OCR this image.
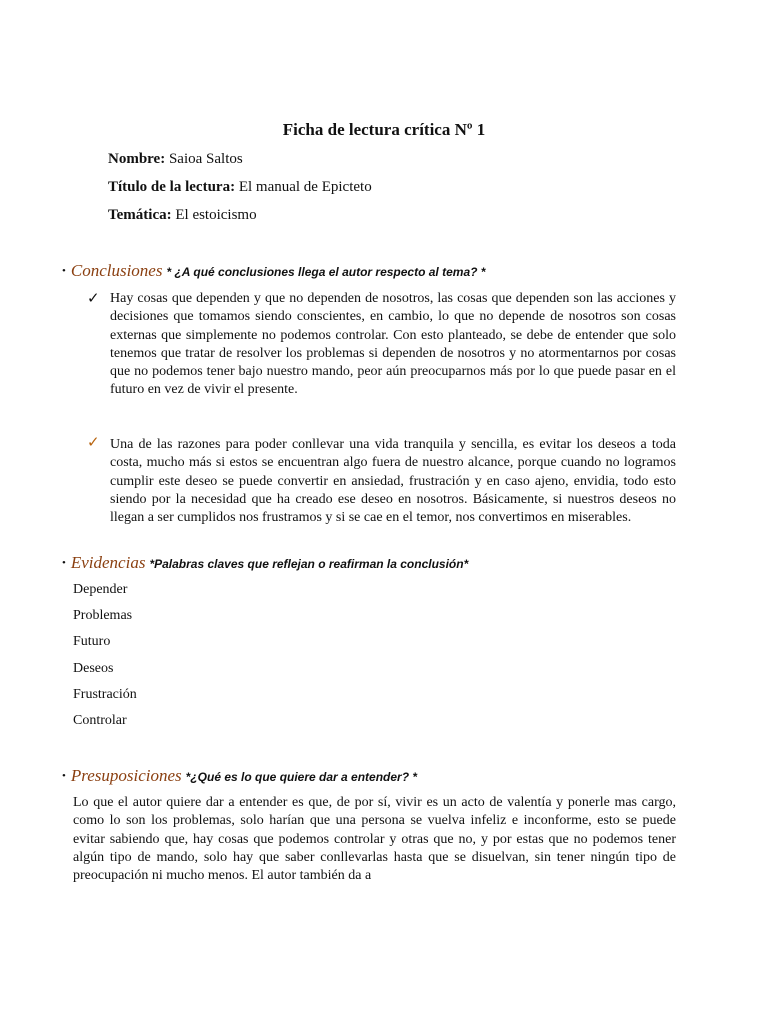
Ficha de lectura crítica Nº 1
Nombre: Saioa Saltos
Título de la lectura: El manual de Epicteto
Temática: El estoicismo
• Conclusiones * ¿A qué conclusiones llega el autor respecto al tema? *
✓ Hay cosas que dependen y que no dependen de nosotros, las cosas que dependen son las acciones y decisiones que tomamos siendo conscientes, en cambio, lo que no depende de nosotros son cosas externas que simplemente no podemos controlar. Con esto planteado, se debe de entender que solo tenemos que tratar de resolver los problemas si dependen de nosotros y no atormentarnos por cosas que no podemos tener bajo nuestro mando, peor aún preocuparnos más por lo que puede pasar en el futuro en vez de vivir el presente.

✓ Una de las razones para poder conllevar una vida tranquila y sencilla, es evitar los deseos a toda costa, mucho más si estos se encuentran algo fuera de nuestro alcance, porque cuando no logramos cumplir este deseo se puede convertir en ansiedad, frustración y en caso ajeno, envidia, todo esto siendo por la necesidad que ha creado ese deseo en nosotros. Básicamente, si nuestros deseos no llegan a ser cumplidos nos frustramos y si se cae en el temor, nos convertimos en miserables.

• Evidencias *Palabras claves que reflejan o reafirman la conclusión*
Depender
Problemas
Futuro
Deseos
Frustración
Controlar
• Presuposiciones *¿Qué es lo que quiere dar a entender? *

Lo que el autor quiere dar a entender es que, de por sí, vivir es un acto de valentía y ponerle mas cargo, como lo son los problemas, solo harían que una persona se vuelva infeliz e inconforme, esto se puede evitar sabiendo que, hay cosas que podemos controlar y otras que no, y por estas que no podemos tener algún tipo de mando, solo hay que saber conllevarlas hasta que se disuelvan, sin tener ningún tipo de preocupación ni mucho menos. El autor también da a
